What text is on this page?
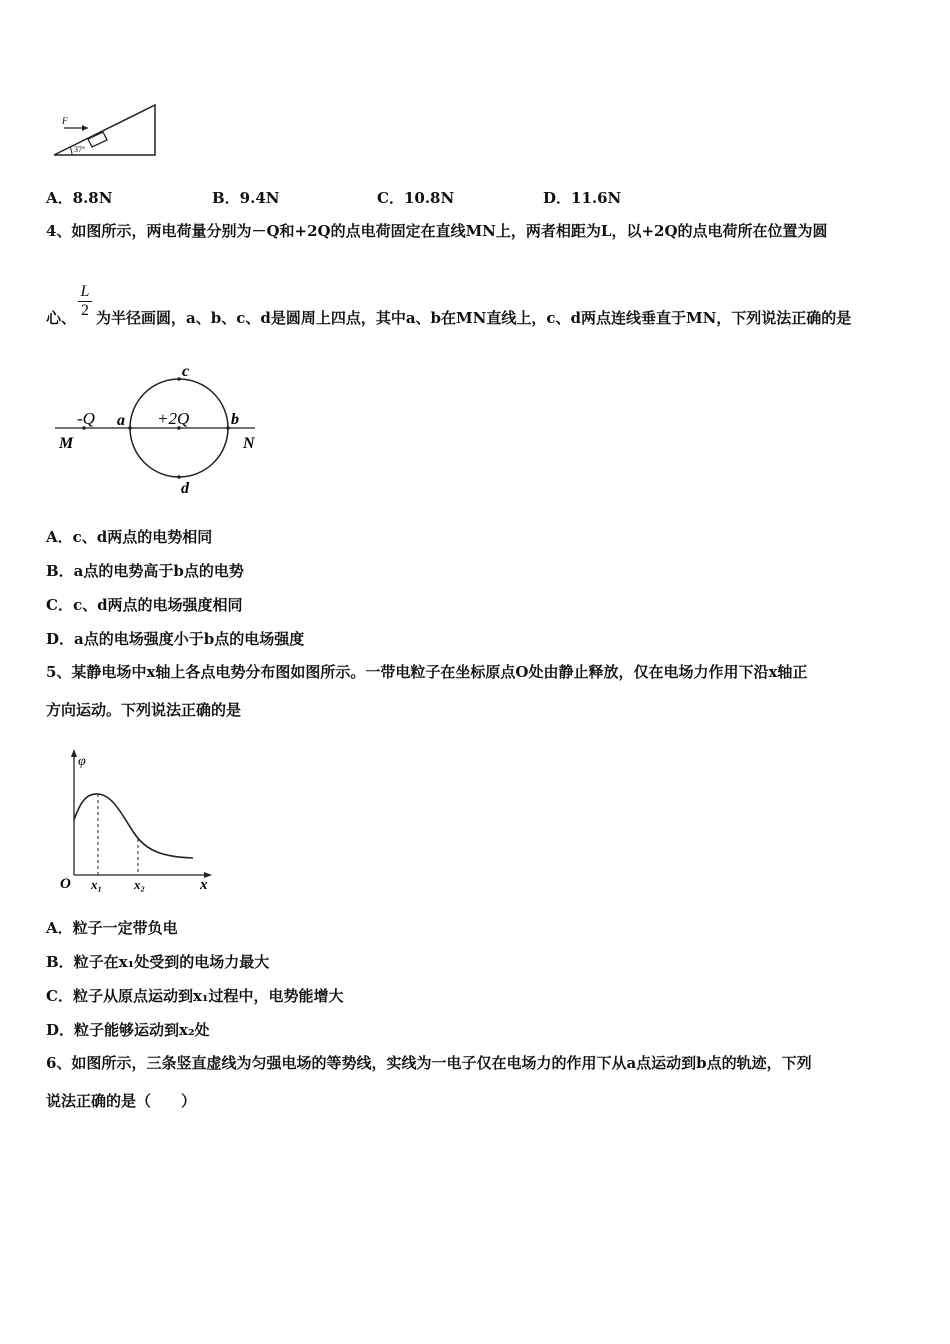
F
37°
A．8.8N	B．9.4N	C．10.8N	D．11.6N
4、如图所示，两电荷量分别为－Q和+2Q的点电荷固定在直线MN上，两者相距为L，以+2Q的点电荷所在位置为圆
心、
L
2 为半径画圆，a、b、c、d是圆周上四点，其中a、b在MN直线上，c、d两点连线垂直于MN，下列说法正确的是
-Q	+2Q
a	b
c
d
M	N
A．c、d两点的电势相同
B．a点的电势高于b点的电势
C．c、d两点的电场强度相同
D．a点的电场强度小于b点的电场强度
5、某静电场中x轴上各点电势分布图如图所示。一带电粒子在坐标原点O处由静止释放，仅在电场力作用下沿x轴正
方向运动。下列说法正确的是
φ
O x₁ x₂	x
A．粒子一定带负电
B．粒子在x₁处受到的电场力最大
C．粒子从原点运动到x₁过程中，电势能增大
D．粒子能够运动到x₂处
6、如图所示，三条竖直虚线为匀强电场的等势线，实线为一电子仅在电场力的作用下从a点运动到b点的轨迹，下列
说法正确的是（　　）
